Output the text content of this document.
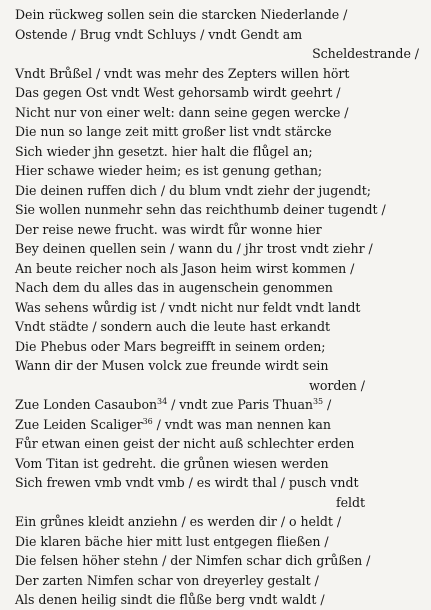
Dein rückweg sollen sein die starcken Niederlande /
Ostende / Brug vndt Schluys / vndt Gendt am
Scheldestrande /
Vndt Brůßel / vndt was mehr des Zepters willen hört
Das gegen Ost vndt West gehorsamb wirdt geehrt /
Nicht nur von einer welt: dann seine gegen wercke /
Die nun so lange zeit mitt großer list vndt stärcke
Sich wieder jhn gesetzt. hier halt die flůgel an;
Hier schawe wieder heim; es ist genung gethan;
Die deinen ruffen dich / du blum vndt ziehr der jugendt;
Sie wollen nunmehr sehn das reichthumb deiner tugendt /
Der reise newe frucht. was wirdt fůr wonne hier
Bey deinen quellen sein / wann du / jhr trost vndt ziehr /
An beute reicher noch als Jason heim wirst kommen /
Nach dem du alles das in augenschein genommen
Was sehens wůrdig ist / vndt nicht nur feldt vndt landt
Vndt städte / sondern auch die leute hast erkandt
Die Phebus oder Mars begreifft in seinem orden;
Wann dir der Musen volck zue freunde wirdt sein
worden /
Zue Londen Casaubon$^{34}$ / vndt zue Paris Thuan$^{35}$ /
Zue Leiden Scaliger$^{36}$ / vndt was man nennen kan
Fůr etwan einen geist der nicht auß schlechter erden
Vom Titan ist gedreht. die grůnen wiesen werden
Sich frewen vmb vndt vmb / es wirdt thal / pusch vndt
feldt
Ein grůnes kleidt anziehn / es werden dir / o heldt /
Die klaren bäche hier mitt lust entgegen fließen /
Die felsen höher stehn / der Nimfen schar dich grůßen /
Der zarten Nimfen schar von dreyerley gestalt /
Als denen heilig sindt die flůße berg vndt waldt /
